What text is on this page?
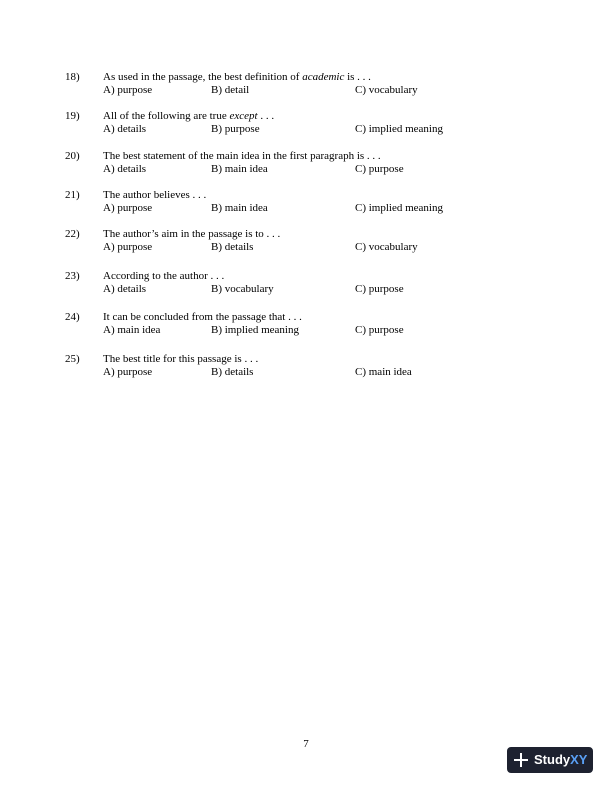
18) As used in the passage, the best definition of academic is . . .
A) purpose	B) detail	C) vocabulary
19) All of the following are true except . . .
A) details	B) purpose	C) implied meaning
20) The best statement of the main idea in the first paragraph is . . .
A) details	B) main idea	C) purpose
21) The author believes . . .
A) purpose	B) main idea	C) implied meaning
22) The author’s aim in the passage is to . . .
A) purpose	B) details	C) vocabulary
23) According to the author . . .
A) details	B) vocabulary	C) purpose
24) It can be concluded from the passage that . . .
A) main idea	B) implied meaning	C) purpose
25) The best title for this passage is . . .
A) purpose	B) details	C) main idea
7
StudyXY
